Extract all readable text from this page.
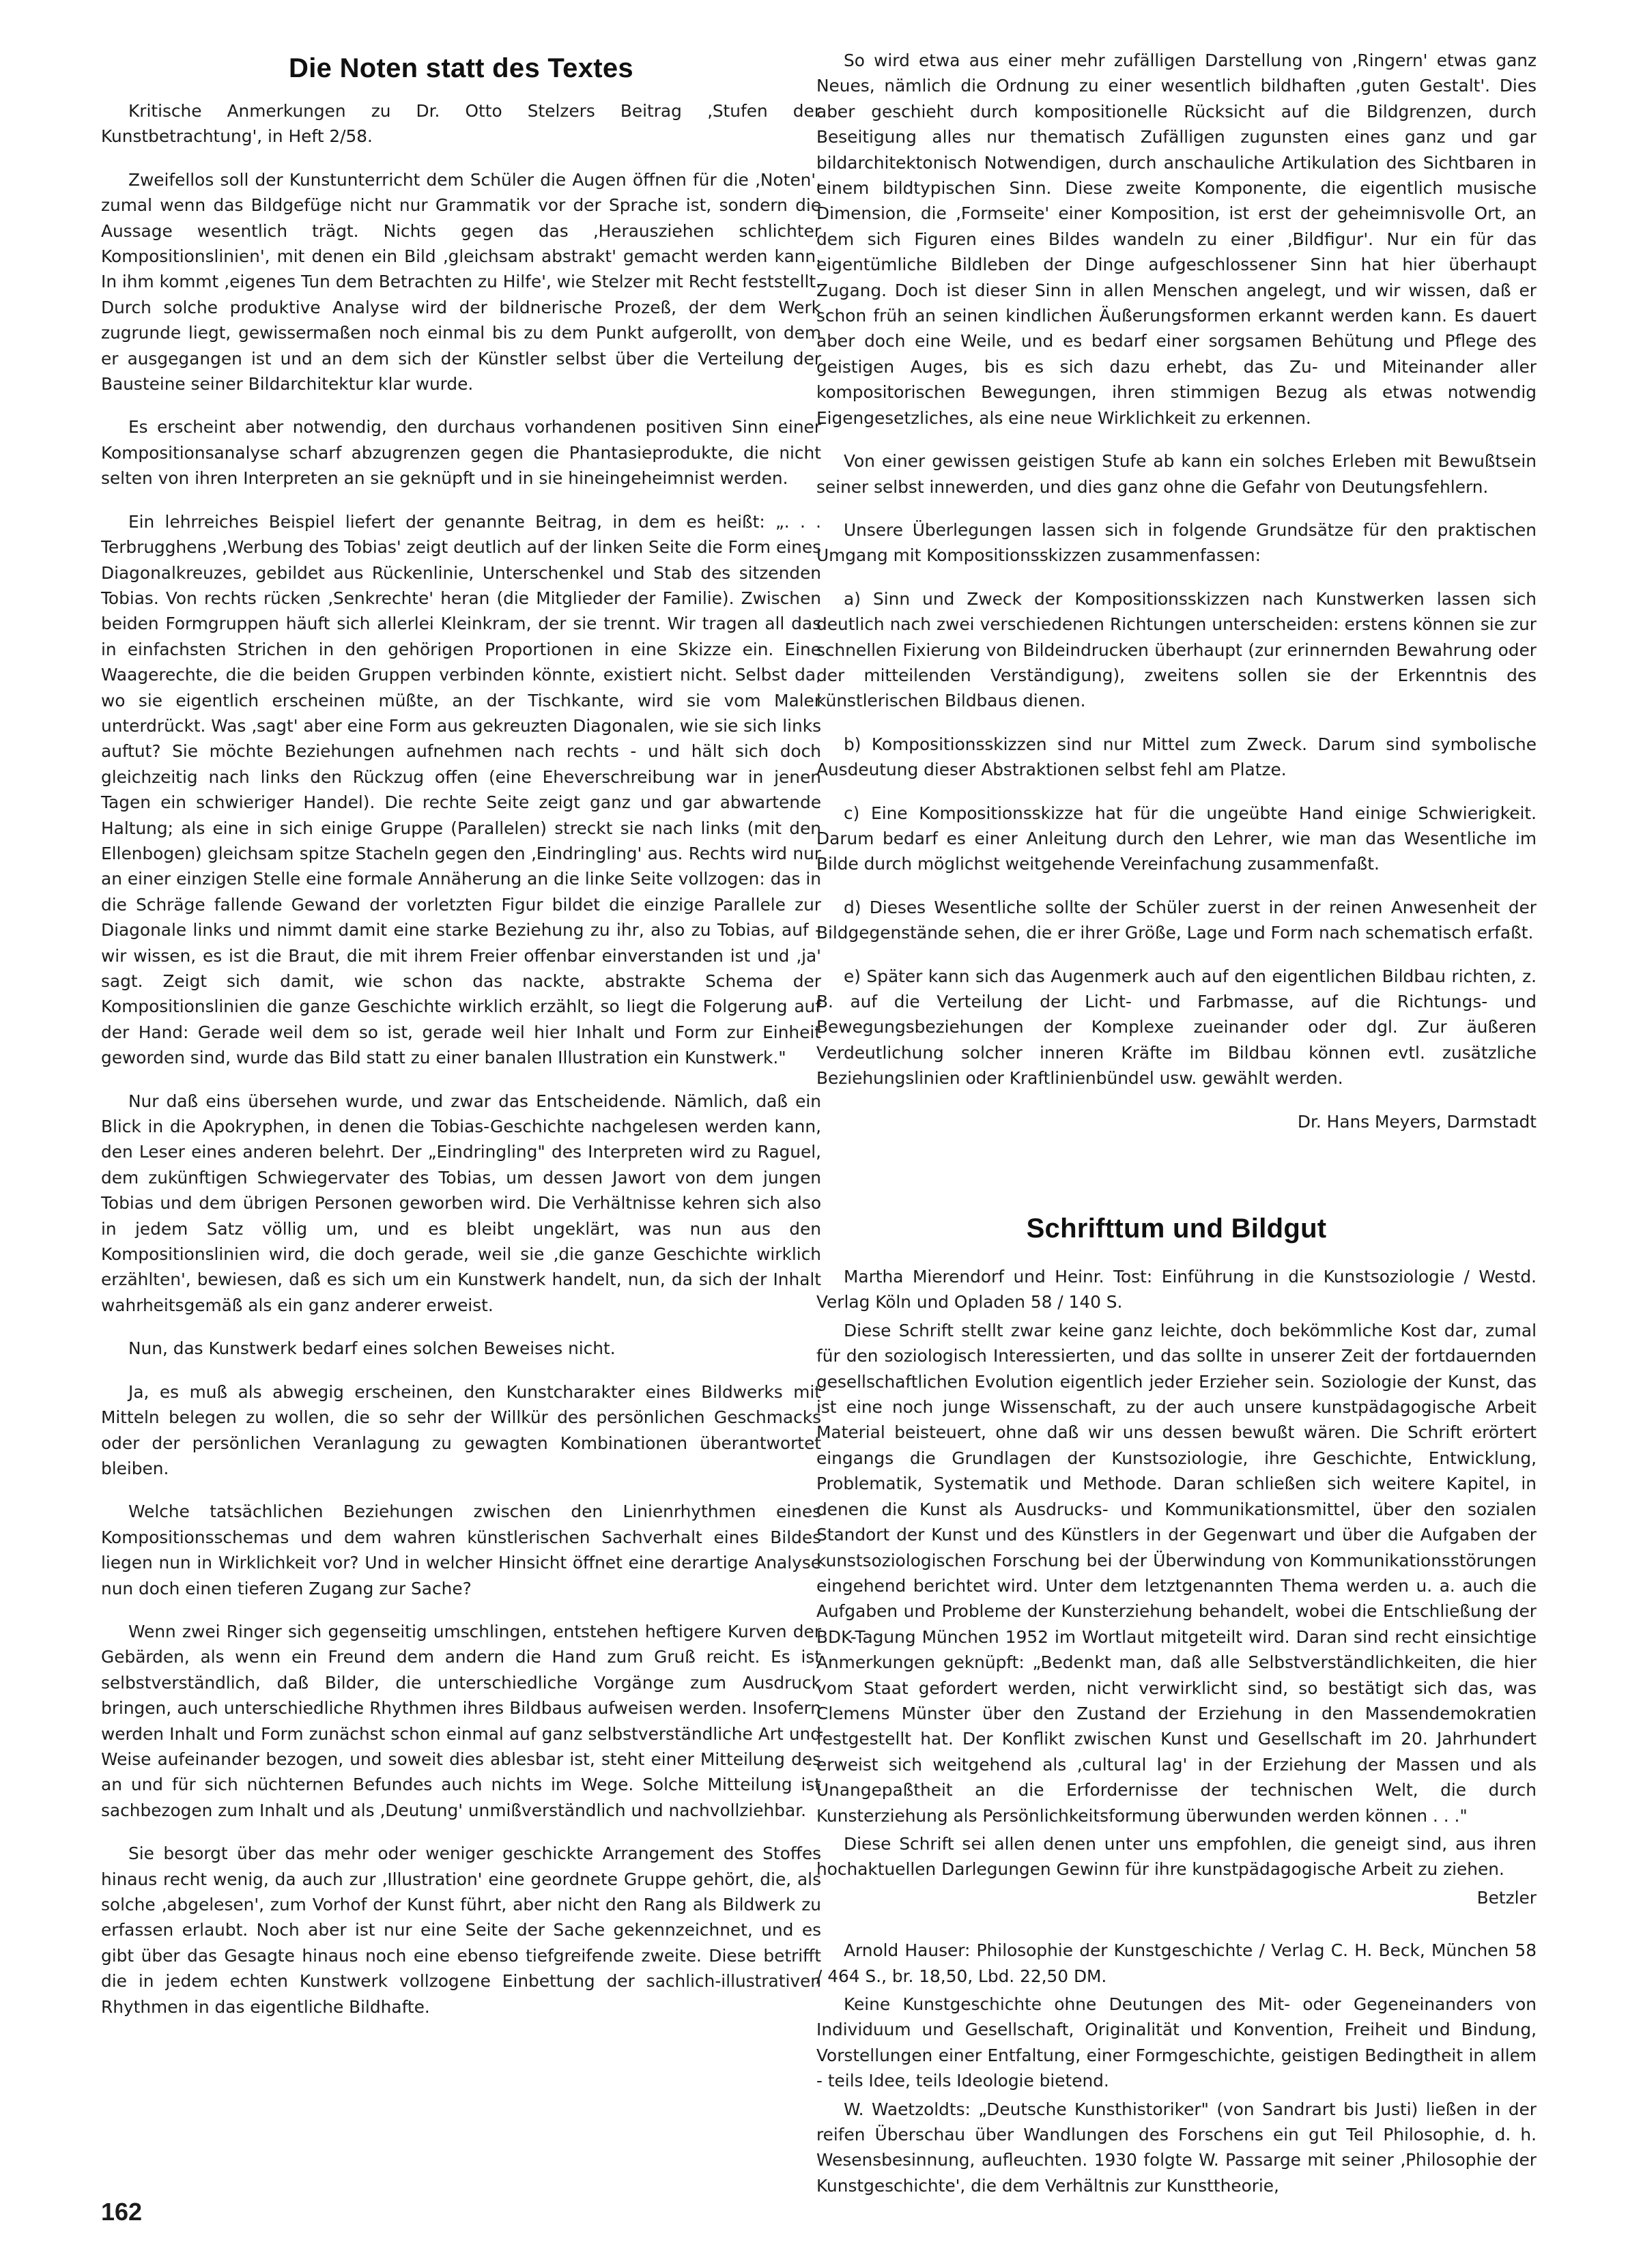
Die Noten statt des Textes

Kritische Anmerkungen zu Dr. Otto Stelzers Beitrag ‚Stufen der Kunstbetrachtung', in Heft 2/58.

Zweifellos soll der Kunstunterricht dem Schüler die Augen öffnen für die ‚Noten', zumal wenn das Bildgefüge nicht nur Grammatik vor der Sprache ist, sondern die Aussage wesentlich trägt. Nichts gegen das ‚Herausziehen schlichter Kompositionslinien', mit denen ein Bild ‚gleichsam abstrakt' gemacht werden kann. In ihm kommt ‚eigenes Tun dem Betrachten zu Hilfe', wie Stelzer mit Recht feststellt. Durch solche produktive Analyse wird der bildnerische Prozeß, der dem Werk zugrunde liegt, gewissermaßen noch einmal bis zu dem Punkt aufgerollt, von dem er ausgegangen ist und an dem sich der Künstler selbst über die Verteilung der Bausteine seiner Bildarchitektur klar wurde.

Es erscheint aber notwendig, den durchaus vorhandenen positiven Sinn einer Kompositionsanalyse scharf abzugrenzen gegen die Phantasieprodukte, die nicht selten von ihren Interpreten an sie geknüpft und in sie hineingeheimnist werden.

Ein lehrreiches Beispiel liefert der genannte Beitrag, in dem es heißt: „. . . Terbrugghens ‚Werbung des Tobias' zeigt deutlich auf der linken Seite die Form eines Diagonalkreuzes, gebildet aus Rückenlinie, Unterschenkel und Stab des sitzenden Tobias. Von rechts rücken ‚Senkrechte' heran (die Mitglieder der Familie). Zwischen beiden Formgruppen häuft sich allerlei Kleinkram, der sie trennt. Wir tragen all das in einfachsten Strichen in den gehörigen Proportionen in eine Skizze ein. Eine Waagerechte, die die beiden Gruppen verbinden könnte, existiert nicht. Selbst da, wo sie eigentlich erscheinen müßte, an der Tischkante, wird sie vom Maler unterdrückt. Was ‚sagt' aber eine Form aus gekreuzten Diagonalen, wie sie sich links auftut? Sie möchte Beziehungen aufnehmen nach rechts - und hält sich doch gleichzeitig nach links den Rückzug offen (eine Eheverschreibung war in jenen Tagen ein schwieriger Handel). Die rechte Seite zeigt ganz und gar abwartende Haltung; als eine in sich einige Gruppe (Parallelen) streckt sie nach links (mit den Ellenbogen) gleichsam spitze Stacheln gegen den ‚Eindringling' aus. Rechts wird nur an einer einzigen Stelle eine formale Annäherung an die linke Seite vollzogen: das in die Schräge fallende Gewand der vorletzten Figur bildet die einzige Parallele zur Diagonale links und nimmt damit eine starke Beziehung zu ihr, also zu Tobias, auf - wir wissen, es ist die Braut, die mit ihrem Freier offenbar einverstanden ist und ‚ja' sagt. Zeigt sich damit, wie schon das nackte, abstrakte Schema der Kompositionslinien die ganze Geschichte wirklich erzählt, so liegt die Folgerung auf der Hand: Gerade weil dem so ist, gerade weil hier Inhalt und Form zur Einheit geworden sind, wurde das Bild statt zu einer banalen Illustration ein Kunstwerk."

Nur daß eins übersehen wurde, und zwar das Entscheidende. Nämlich, daß ein Blick in die Apokryphen, in denen die Tobias-Geschichte nachgelesen werden kann, den Leser eines anderen belehrt. Der „Eindringling" des Interpreten wird zu Raguel, dem zukünftigen Schwiegervater des Tobias, um dessen Jawort von dem jungen Tobias und dem übrigen Personen geworben wird. Die Verhältnisse kehren sich also in jedem Satz völlig um, und es bleibt ungeklärt, was nun aus den Kompositionslinien wird, die doch gerade, weil sie ‚die ganze Geschichte wirklich erzählten', bewiesen, daß es sich um ein Kunstwerk handelt, nun, da sich der Inhalt wahrheitsgemäß als ein ganz anderer erweist.

Nun, das Kunstwerk bedarf eines solchen Beweises nicht.

Ja, es muß als abwegig erscheinen, den Kunstcharakter eines Bildwerks mit Mitteln belegen zu wollen, die so sehr der Willkür des persönlichen Geschmacks oder der persönlichen Veranlagung zu gewagten Kombinationen überantwortet bleiben.

Welche tatsächlichen Beziehungen zwischen den Linienrhythmen eines Kompositionsschemas und dem wahren künstlerischen Sachverhalt eines Bildes liegen nun in Wirklichkeit vor? Und in welcher Hinsicht öffnet eine derartige Analyse nun doch einen tieferen Zugang zur Sache?

Wenn zwei Ringer sich gegenseitig umschlingen, entstehen heftigere Kurven der Gebärden, als wenn ein Freund dem andern die Hand zum Gruß reicht. Es ist selbstverständlich, daß Bilder, die unterschiedliche Vorgänge zum Ausdruck bringen, auch unterschiedliche Rhythmen ihres Bildbaus aufweisen werden. Insofern werden Inhalt und Form zunächst schon einmal auf ganz selbstverständliche Art und Weise aufeinander bezogen, und soweit dies ablesbar ist, steht einer Mitteilung des an und für sich nüchternen Befundes auch nichts im Wege. Solche Mitteilung ist sachbezogen zum Inhalt und als ‚Deutung' unmißverständlich und nachvollziehbar.

Sie besorgt über das mehr oder weniger geschickte Arrangement des Stoffes hinaus recht wenig, da auch zur ‚Illustration' eine geordnete Gruppe gehört, die, als solche ‚abgelesen', zum Vorhof der Kunst führt, aber nicht den Rang als Bildwerk zu erfassen erlaubt. Noch aber ist nur eine Seite der Sache gekennzeichnet, und es gibt über das Gesagte hinaus noch eine ebenso tiefgreifende zweite. Diese betrifft die in jedem echten Kunstwerk vollzogene Einbettung der sachlich-illustrativen Rhythmen in das eigentliche Bildhafte.

So wird etwa aus einer mehr zufälligen Darstellung von ‚Ringern' etwas ganz Neues, nämlich die Ordnung zu einer wesentlich bildhaften ‚guten Gestalt'. Dies aber geschieht durch kompositionelle Rücksicht auf die Bildgrenzen, durch Beseitigung alles nur thematisch Zufälligen zugunsten eines ganz und gar bildarchitektonisch Notwendigen, durch anschauliche Artikulation des Sichtbaren in einem bildtypischen Sinn. Diese zweite Komponente, die eigentlich musische Dimension, die ‚Formseite' einer Komposition, ist erst der geheimnisvolle Ort, an dem sich Figuren eines Bildes wandeln zu einer ‚Bildfigur'. Nur ein für das eigentümliche Bildleben der Dinge aufgeschlossener Sinn hat hier überhaupt Zugang. Doch ist dieser Sinn in allen Menschen angelegt, und wir wissen, daß er schon früh an seinen kindlichen Äußerungsformen erkannt werden kann. Es dauert aber doch eine Weile, und es bedarf einer sorgsamen Behütung und Pflege des geistigen Auges, bis es sich dazu erhebt, das Zu- und Miteinander aller kompositorischen Bewegungen, ihren stimmigen Bezug als etwas notwendig Eigengesetzliches, als eine neue Wirklichkeit zu erkennen.

Von einer gewissen geistigen Stufe ab kann ein solches Erleben mit Bewußtsein seiner selbst innewerden, und dies ganz ohne die Gefahr von Deutungsfehlern.

Unsere Überlegungen lassen sich in folgende Grundsätze für den praktischen Umgang mit Kompositionsskizzen zusammenfassen:

a) Sinn und Zweck der Kompositionsskizzen nach Kunstwerken lassen sich deutlich nach zwei verschiedenen Richtungen unterscheiden: erstens können sie zur schnellen Fixierung von Bildeindrucken überhaupt (zur erinnernden Bewahrung oder der mitteilenden Verständigung), zweitens sollen sie der Erkenntnis des künstlerischen Bildbaus dienen.

b) Kompositionsskizzen sind nur Mittel zum Zweck. Darum sind symbolische Ausdeutung dieser Abstraktionen selbst fehl am Platze.

c) Eine Kompositionsskizze hat für die ungeübte Hand einige Schwierigkeit. Darum bedarf es einer Anleitung durch den Lehrer, wie man das Wesentliche im Bilde durch möglichst weitgehende Vereinfachung zusammenfaßt.

d) Dieses Wesentliche sollte der Schüler zuerst in der reinen Anwesenheit der Bildgegenstände sehen, die er ihrer Größe, Lage und Form nach schematisch erfaßt.

e) Später kann sich das Augenmerk auch auf den eigentlichen Bildbau richten, z. B. auf die Verteilung der Licht- und Farbmasse, auf die Richtungs- und Bewegungsbeziehungen der Komplexe zueinander oder dgl. Zur äußeren Verdeutlichung solcher inneren Kräfte im Bildbau können evtl. zusätzliche Beziehungslinien oder Kraftlinienbündel usw. gewählt werden.

Dr. Hans Meyers, Darmstadt

Schrifttum und Bildgut

Martha Mierendorf und Heinr. Tost: Einführung in die Kunstsoziologie / Westd. Verlag Köln und Opladen 58 / 140 S.

Diese Schrift stellt zwar keine ganz leichte, doch bekömmliche Kost dar, zumal für den soziologisch Interessierten, und das sollte in unserer Zeit der fortdauernden gesellschaftlichen Evolution eigentlich jeder Erzieher sein. Soziologie der Kunst, das ist eine noch junge Wissenschaft, zu der auch unsere kunstpädagogische Arbeit Material beisteuert, ohne daß wir uns dessen bewußt wären. Die Schrift erörtert eingangs die Grundlagen der Kunstsoziologie, ihre Geschichte, Entwicklung, Problematik, Systematik und Methode. Daran schließen sich weitere Kapitel, in denen die Kunst als Ausdrucks- und Kommunikationsmittel, über den sozialen Standort der Kunst und des Künstlers in der Gegenwart und über die Aufgaben der kunstsoziologischen Forschung bei der Überwindung von Kommunikationsstörungen eingehend berichtet wird. Unter dem letztgenannten Thema werden u. a. auch die Aufgaben und Probleme der Kunsterziehung behandelt, wobei die Entschließung der BDK-Tagung München 1952 im Wortlaut mitgeteilt wird. Daran sind recht einsichtige Anmerkungen geknüpft: „Bedenkt man, daß alle Selbstverständlichkeiten, die hier vom Staat gefordert werden, nicht verwirklicht sind, so bestätigt sich das, was Clemens Münster über den Zustand der Erziehung in den Massendemokratien festgestellt hat. Der Konflikt zwischen Kunst und Gesellschaft im 20. Jahrhundert erweist sich weitgehend als ‚cultural lag' in der Erziehung der Massen und als Unangepaßtheit an die Erfordernisse der technischen Welt, die durch Kunsterziehung als Persönlichkeitsformung überwunden werden können . . ."

Diese Schrift sei allen denen unter uns empfohlen, die geneigt sind, aus ihren hochaktuellen Darlegungen Gewinn für ihre kunstpädagogische Arbeit zu ziehen.

Betzler

Arnold Hauser: Philosophie der Kunstgeschichte / Verlag C. H. Beck, München 58 / 464 S., br. 18,50, Lbd. 22,50 DM.

Keine Kunstgeschichte ohne Deutungen des Mit- oder Gegeneinanders von Individuum und Gesellschaft, Originalität und Konvention, Freiheit und Bindung, Vorstellungen einer Entfaltung, einer Formgeschichte, geistigen Bedingtheit in allem - teils Idee, teils Ideologie bietend.

W. Waetzoldts: „Deutsche Kunsthistoriker" (von Sandrart bis Justi) ließen in der reifen Überschau über Wandlungen des Forschens ein gut Teil Philosophie, d. h. Wesensbesinnung, aufleuchten. 1930 folgte W. Passarge mit seiner ‚Philosophie der Kunstgeschichte', die dem Verhältnis zur Kunsttheorie,

162
